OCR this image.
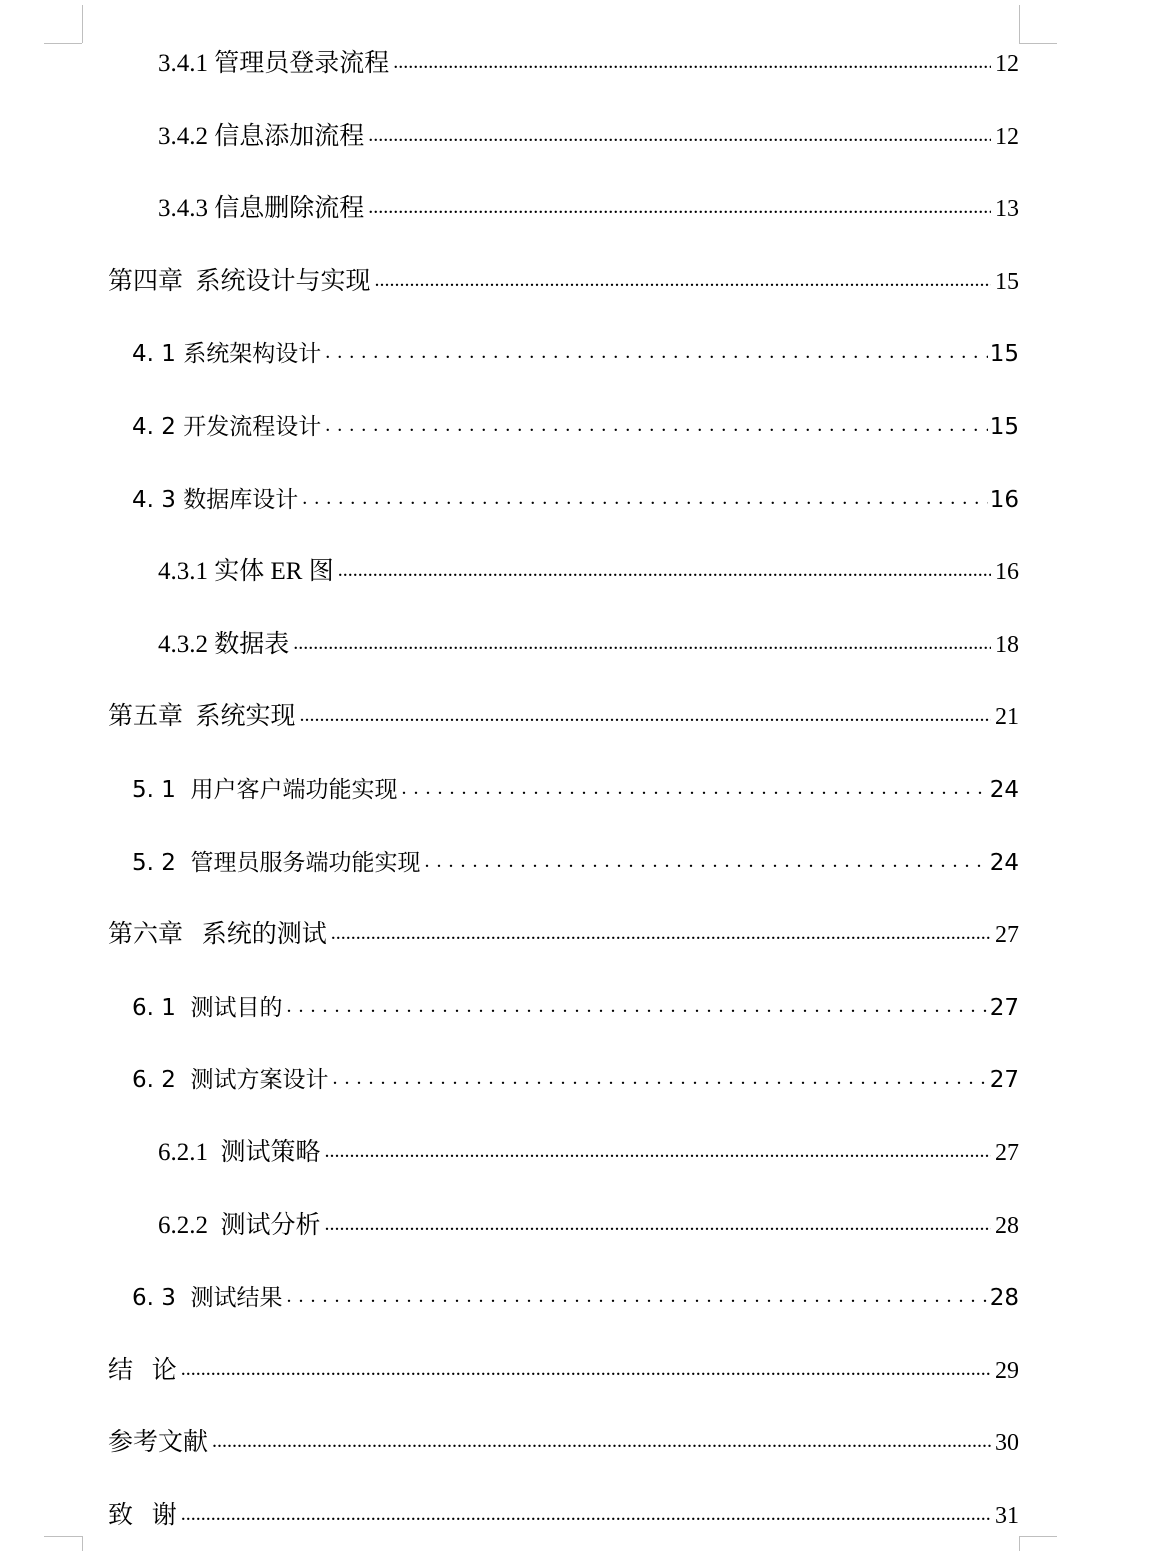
3.4.1 管理员登录流程 .....	12
3.4.2 信息添加流程 .....	12
3.4.3 信息删除流程 .....	13
第四章  系统设计与实现 .....	15
4. 1 系统架构设计 .....	15
4. 2 开发流程设计 .....	15
4. 3 数据库设计 .....	16
4.3.1 实体 ER 图 .....	16
4.3.2 数据表 .....	18
第五章  系统实现 .....	21
5. 1  用户客户端功能实现 .....	24
5. 2  管理员服务端功能实现 .....	24
第六章   系统的测试 .....	27
6. 1  测试目的 .....	27
6. 2  测试方案设计 .....	27
6.2.1  测试策略 .....	27
6.2.2  测试分析 .....	28
6. 3  测试结果 .....	28
结   论 .....	29
参考文献 .....	30
致   谢 .....	31
